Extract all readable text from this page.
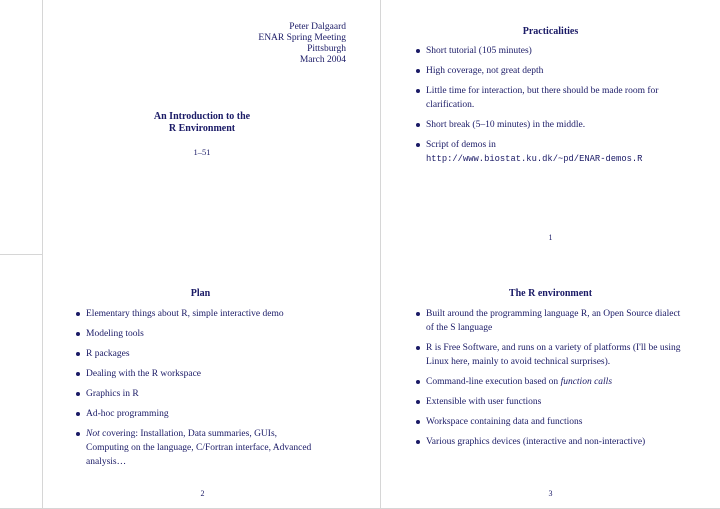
Peter Dalgaard
ENAR Spring Meeting
Pittsburgh
March 2004
An Introduction to the
R Environment
1–51
Practicalities
Short tutorial (105 minutes)
High coverage, not great depth
Little time for interaction, but there should be made room for clarification.
Short break (5–10 minutes) in the middle.
Script of demos in
http://www.biostat.ku.dk/~pd/ENAR-demos.R
1
Plan
Elementary things about R, simple interactive demo
Modeling tools
R packages
Dealing with the R workspace
Graphics in R
Ad-hoc programming
Not covering: Installation, Data summaries, GUIs, Computing on the language, C/Fortran interface, Advanced analysis…
2
The R environment
Built around the programming language R, an Open Source dialect of the S language
R is Free Software, and runs on a variety of platforms (I'll be using Linux here, mainly to avoid technical surprises).
Command-line execution based on function calls
Extensible with user functions
Workspace containing data and functions
Various graphics devices (interactive and non-interactive)
3
